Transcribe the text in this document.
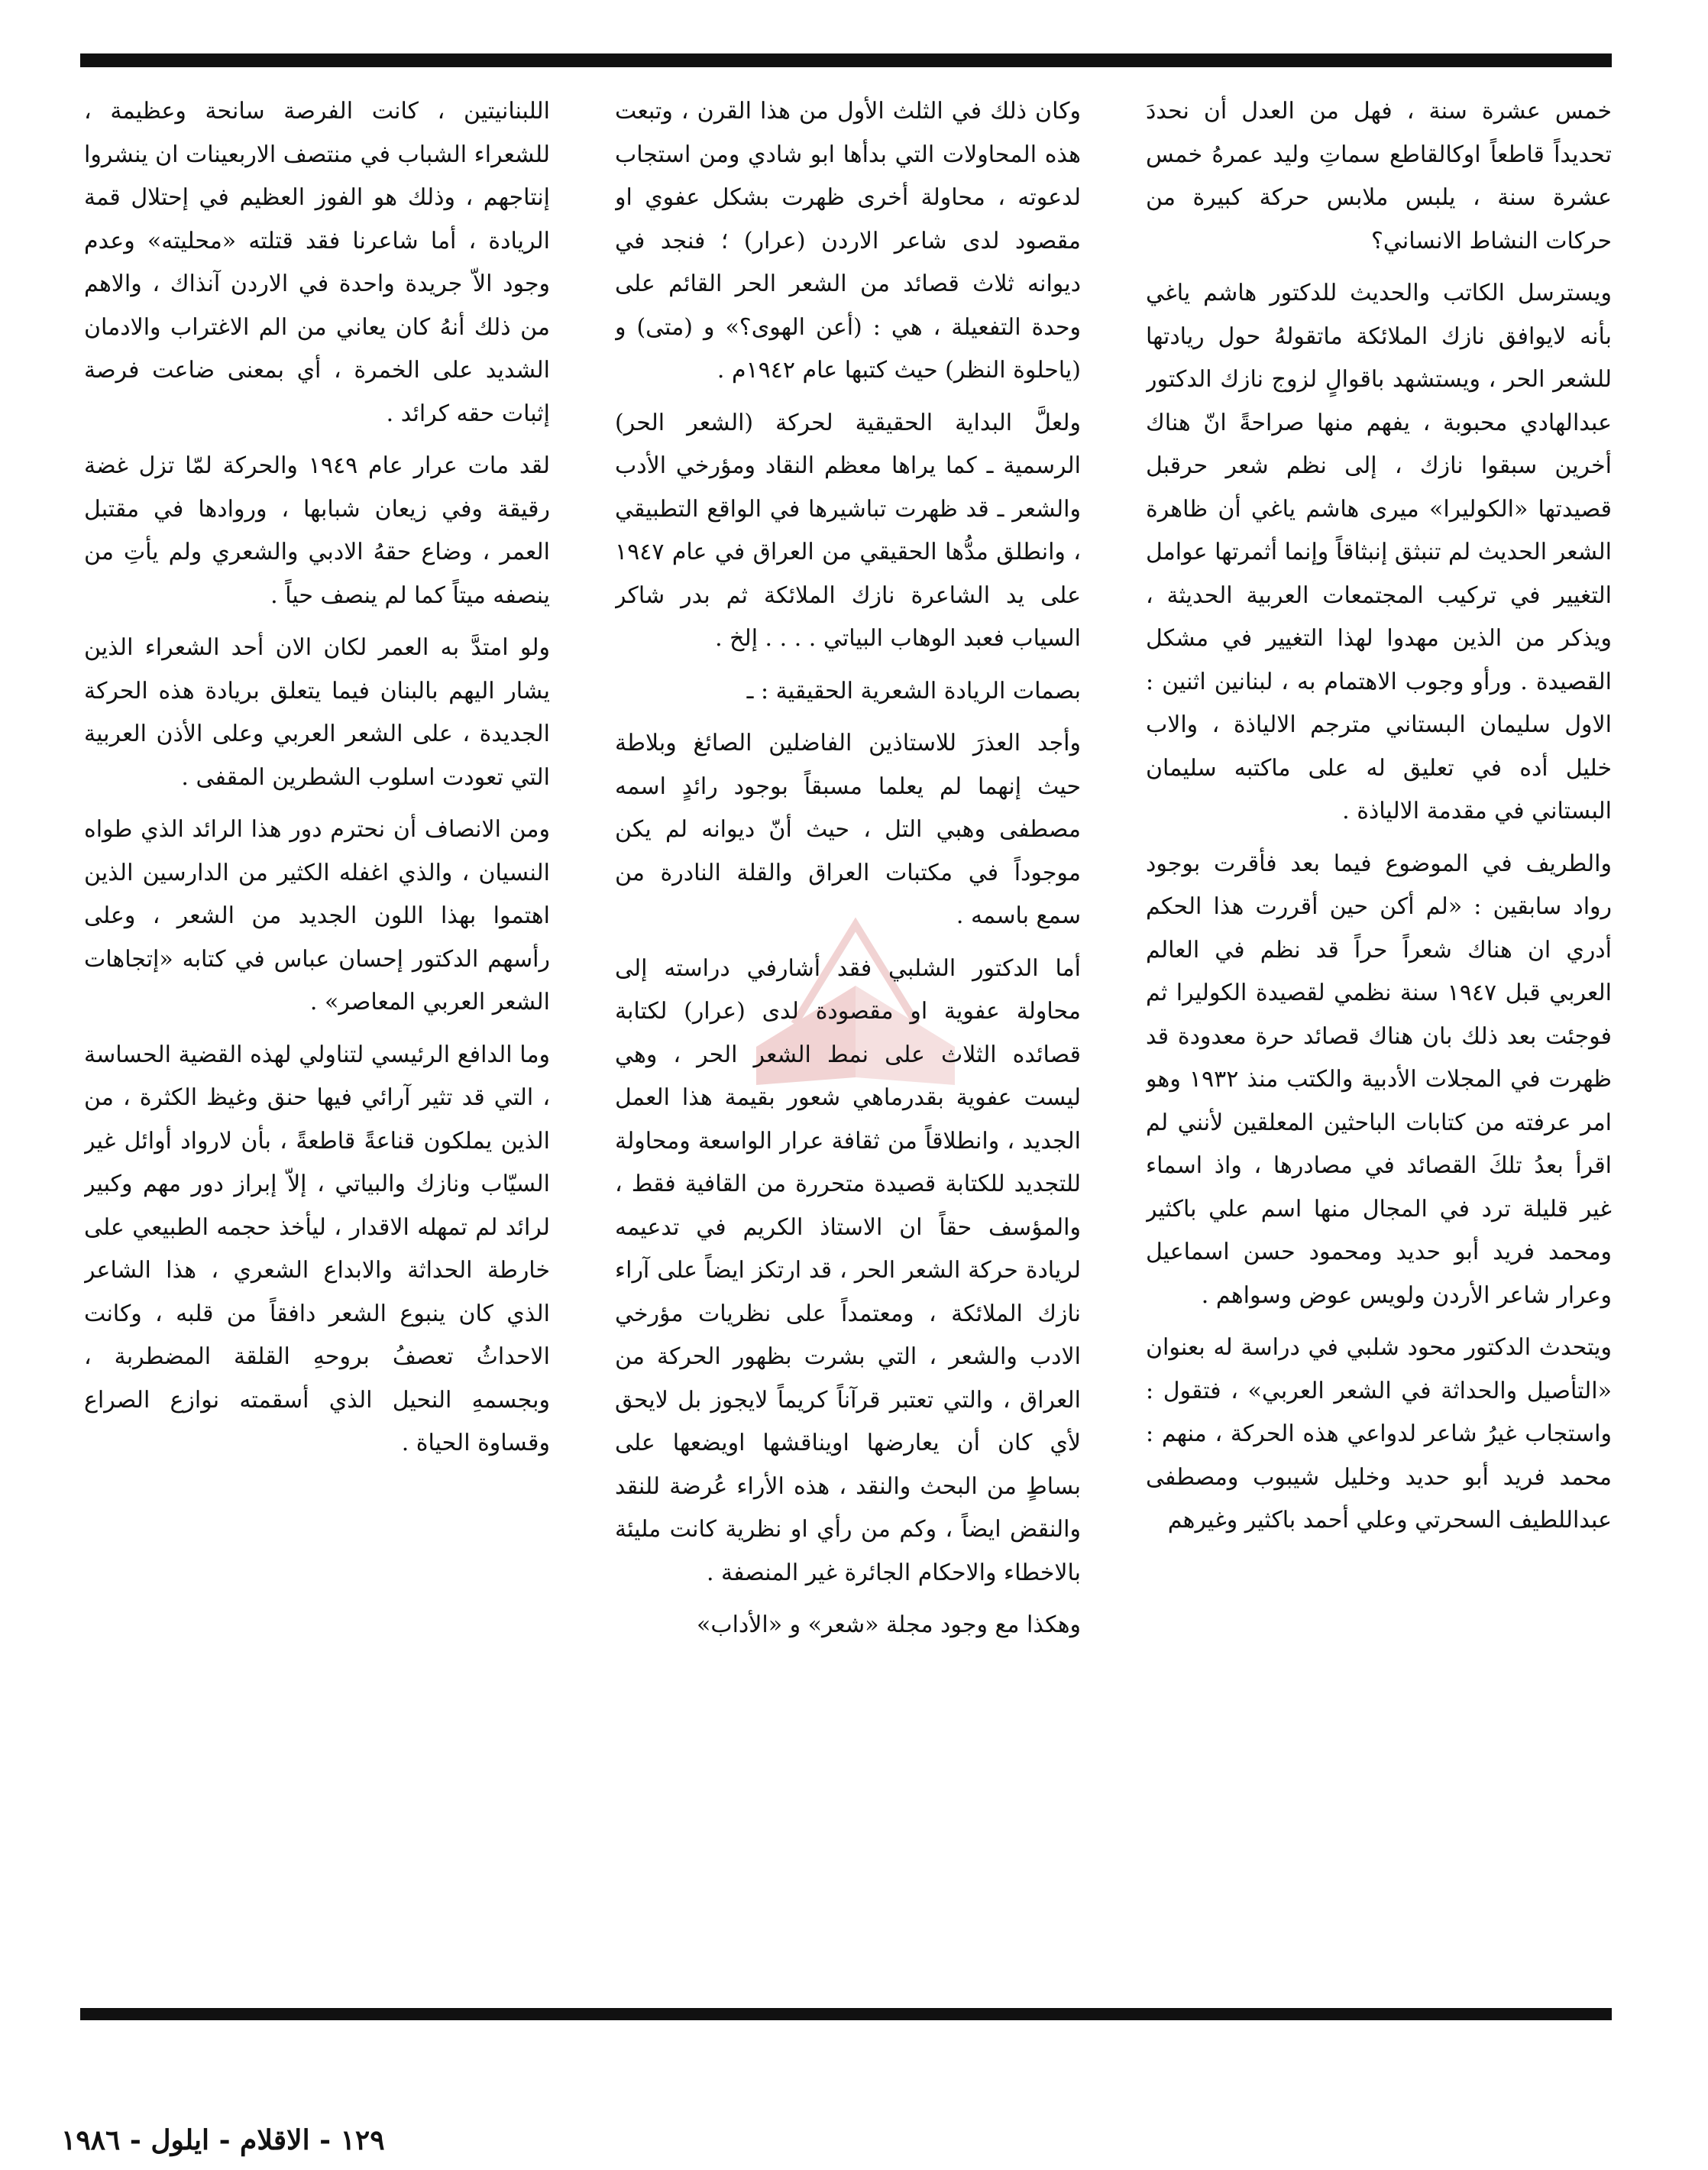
خمس عشرة سنة ، فهل من العدل أن نحددَ تحديداً قاطعاً اوكالقاطع سماتِ وليد عمرهُ خمس عشرة سنة ، يلبس ملابس حركة كبيرة من حركات النشاط الانساني؟

ويسترسل الكاتب والحديث للدكتور هاشم ياغي بأنه لايوافق نازك الملائكة ماتقولهُ حول ريادتها للشعر الحر ، ويستشهد باقوالٍ لزوج نازك الدكتور عبدالهادي محبوبة ، يفهم منها صراحةً انّ هناك أخرين سبقوا نازك ، إلى نظم شعر حرقبل قصيدتها «الكوليرا» ميرى هاشم ياغي أن ظاهرة الشعر الحديث لم تنبثق إنبثاقاً وإنما أثمرتها عوامل التغيير في تركيب المجتمعات العربية الحديثة ، ويذكر من الذين مهدوا لهذا التغيير في مشكل القصيدة . ورأو وجوب الاهتمام به ، لبنانين اثنين : الاول سليمان البستاني مترجم الالياذة ، والاب خليل أده في تعليق له على ماكتبه سليمان البستاني في مقدمة الالياذة .

والطريف في الموضوع فيما بعد فأقرت بوجود رواد سابقين : «لم أكن حين أقررت هذا الحكم أدري ان هناك شعراً حراً قد نظم في العالم العربي قبل ١٩٤٧ سنة نظمي لقصيدة الكوليرا ثم فوجئت بعد ذلك بان هناك قصائد حرة معدودة قد ظهرت في المجلات الأدبية والكتب منذ ١٩٣٢ وهو امر عرفته من كتابات الباحثين المعلقين لأنني لم اقرأ بعدُ تلكَ القصائد في مصادرها ، واذ اسماء غير قليلة ترد في المجال منها اسم علي باكثير ومحمد فريد أبو حديد ومحمود حسن اسماعيل وعرار شاعر الأردن ولويس عوض وسواهم .

ويتحدث الدكتور محود شلبي في دراسة له بعنوان «التأصيل والحداثة في الشعر العربي» ، فتقول : واستجاب غيرُ شاعر لدواعي هذه الحركة ، منهم : محمد فريد أبو حديد وخليل شيبوب ومصطفى عبداللطيف السحرتي وعلي أحمد باكثير وغيرهم

وكان ذلك في الثلث الأول من هذا القرن ، وتبعت هذه المحاولات التي بدأها ابو شادي ومن استجاب لدعوته ، محاولة أخرى ظهرت بشكل عفوي او مقصود لدى شاعر الاردن (عرار) ؛ فنجد في ديوانه ثلاث قصائد من الشعر الحر القائم على وحدة التفعيلة ، هي : (أعن الهوى؟» و (متى) و (ياحلوة النظر) حيث كتبها عام ١٩٤٢م .

ولعلَّ البداية الحقيقية لحركة (الشعر الحر) الرسمية ـ كما يراها معظم النقاد ومؤرخي الأدب والشعر ـ قد ظهرت تباشيرها في الواقع التطبيقي ، وانطلق مدُّها الحقيقي من العراق في عام ١٩٤٧ على يد الشاعرة نازك الملائكة ثم بدر شاكر السياب فعبد الوهاب البياتي . . . . إلخ .

بصمات الريادة الشعرية الحقيقية : ـ

وأجد العذرَ للاستاذين الفاضلين الصائغ وبلاطة حيث إنهما لم يعلما مسبقاً بوجود رائدٍ اسمه مصطفى وهبي التل ، حيث أنّ ديوانه لم يكن موجوداً في مكتبات العراق والقلة النادرة من سمع باسمه .

أما الدكتور الشلبي فقد أشارفي دراسته إلى محاولة عفوية او مقصودة لدى (عرار) لكتابة قصائده الثلاث على نمط الشعر الحر ، وهي ليست عفوية بقدرماهي شعور بقيمة هذا العمل الجديد ، وانطلاقاً من ثقافة عرار الواسعة ومحاولة للتجديد للكتابة قصيدة متحررة من القافية فقط ، والمؤسف حقاً ان الاستاذ الكريم في تدعيمه لريادة حركة الشعر الحر ، قد ارتكز ايضاً على آراء نازك الملائكة ، ومعتمداً على نظريات مؤرخي الادب والشعر ، التي بشرت بظهور الحركة من العراق ، والتي تعتبر قرآناً كريماً لايجوز بل لايحق لأي كان أن يعارضها اويناقشها اويضعها على بساطٍ من البحث والنقد ، هذه الأراء عُرضة للنقد والنقض ايضاً ، وكم من رأي او نظرية كانت مليئة بالاخطاء والاحكام الجائرة غير المنصفة .

وهكذا مع وجود مجلة «شعر» و «الأداب»

اللبنانيتين ، كانت الفرصة سانحة وعظيمة ، للشعراء الشباب في منتصف الاربعينات ان ينشروا إنتاجهم ، وذلك هو الفوز العظيم في إحتلال قمة الريادة ، أما شاعرنا فقد قتلته «محليته» وعدم وجود الاّ جريدة واحدة في الاردن آنذاك ، والاهم من ذلك أنهُ كان يعاني من الم الاغتراب والادمان الشديد على الخمرة ، أي بمعنى ضاعت فرصة إثبات حقه كرائد .

لقد مات عرار عام ١٩٤٩ والحركة لمّا تزل غضة رقيقة وفي زيعان شبابها ، وروادها في مقتبل العمر ، وضاع حقهُ الادبي والشعري ولم يأتِ من ينصفه ميتاً كما لم ينصف حياً .

ولو امتدَّ به العمر لكان الان أحد الشعراء الذين يشار اليهم بالبنان فيما يتعلق بريادة هذه الحركة الجديدة ، على الشعر العربي وعلى الأذن العربية التي تعودت اسلوب الشطرين المقفى .

ومن الانصاف أن نحترم دور هذا الرائد الذي طواه النسيان ، والذي اغفله الكثير من الدارسين الذين اهتموا بهذا اللون الجديد من الشعر ، وعلى رأسهم الدكتور إحسان عباس في كتابه «إتجاهات الشعر العربي المعاصر» .

وما الدافع الرئيسي لتناولي لهذه القضية الحساسة ، التي قد تثير آرائي فيها حنق وغيظ الكثرة ، من الذين يملكون قناعةً قاطعةً ، بأن لارواد أوائل غير السيّاب ونازك والبياتي ، إلاّ إبراز دور مهم وكبير لرائد لم تمهله الاقدار ، ليأخذ حجمه الطبيعي على خارطة الحداثة والابداع الشعري ، هذا الشاعر الذي كان ينبوع الشعر دافقاً من قلبه ، وكانت الاحداثُ تعصفُ بروحهِ القلقة المضطربة ، وبجسمهِ النحيل الذي أسقمته نوازع الصراع وقساوة الحياة .

١٢٩ - الاقلام - ايلول - ١٩٨٦
